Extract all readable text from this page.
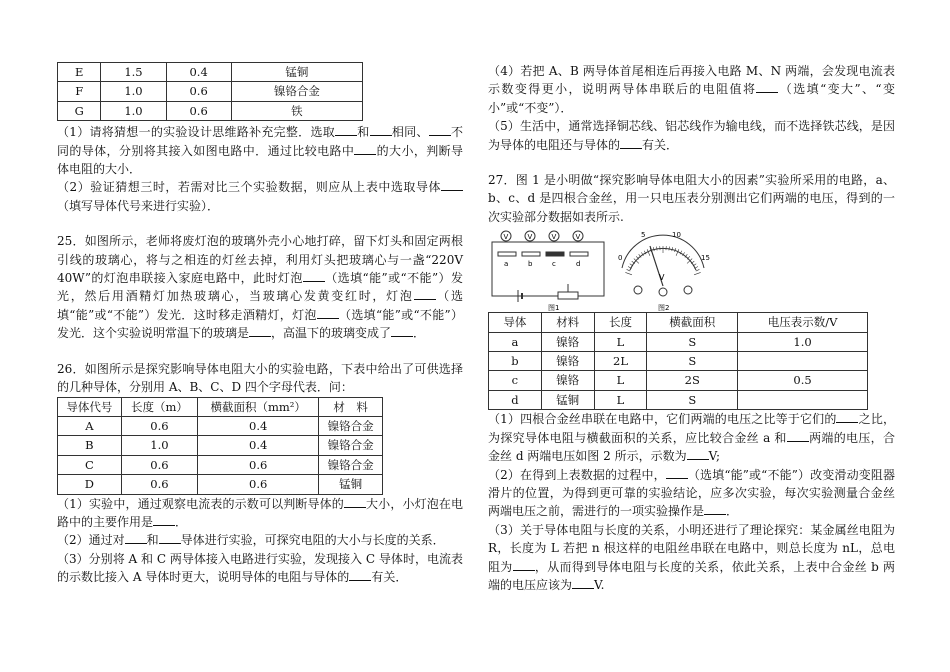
E	1.5	0.4	锰铜
F	1.0	0.6	镍铬合金
G	1.0	0.6	铁

（1）请将猜想一的实验设计思维路补充完整．选取 和 相同、 不同的导体，分别将其接入如图电路中．通过比较电路中 的大小，判断导体电阻的大小．

（2）验证猜想三时，若需对比三个实验数据，则应从上表中选取导体（填写导体代号来进行实验）．

25．如图所示，老师将废灯泡的玻璃外壳小心地打碎，留下灯头和固定两根引线的玻璃心，将与之相连的灯丝去掉，利用灯头把玻璃心与一盏“220V 40W”的灯泡串联接入家庭电路中，此时灯泡 （选填“能”或“不能”）发光，然后用酒精灯加热玻璃心，当玻璃心发黄变红时，灯泡 （选填“能”或“不能”）发光．这时移走酒精灯，灯泡 （选填“能”或“不能”）发光．这个实验说明常温下的玻璃是 ，高温下的玻璃变成了 ．

26．如图所示是探究影响导体电阻大小的实验电路，下表中给出了可供选择的几种导体，分别用 A、B、C、D 四个字母代表．问：

导体代号	长度（m）	横截面积（mm²）	材　料
A	0.6	0.4	镍铬合金
B	1.0	0.4	镍铬合金
C	0.6	0.6	镍铬合金
D	0.6	0.6	锰铜

（1）实验中，通过观察电流表的示数可以判断导体的 大小，小灯泡在电路中的主要作用是 ．

（2）通过对 和 导体进行实验，可探究电阻的大小与长度的关系．

（3）分别将 A 和 C 两导体接入电路进行实验，发现接入 C 导体时，电流表的示数比接入 A 导体时更大，说明导体的电阻与导体的 有关．

（4）若把 A、B 两导体首尾相连后再接入电路 M、N 两端，会发现电流表示数变得更小，说明两导体串联后的电阻值将 （选填“变大”、“变小”或“不变”）．

（5）生活中，通常选择铜芯线、铝芯线作为输电线，而不选择铁芯线，是因为导体的电阻还与导体的 有关．

27．图 1 是小明做“探究影响导体电阻大小的因素”实验所采用的电路，a、b、c、d 是四根合金丝，用一只电压表分别测出它们两端的电压，得到的一次实验部分数据如表所示.

V	V	V	V
a	b	c	d
图1
0
5	10
15
V
图2
导体	材料	长度	横截面积	电压表示数/V
a	镍铬	L	S	1.0
b	镍铬	2L	S	
c	镍铬	L	2S	0.5
d	锰铜	L	S	

（1）四根合金丝串联在电路中，它们两端的电压之比等于它们的 之比，为探究导体电阻与横截面积的关系，应比较合金丝 a 和 两端的电压，合金丝 d 两端电压如图 2 所示，示数为 V;

（2）在得到上表数据的过程中， （选填“能”或“不能”）改变滑动变阻器滑片的位置，为得到更可靠的实验结论，应多次实验，每次实验测量合金丝两端电压之前，需进行的一项实验操作是 ．

（3）关于导体电阻与长度的关系，小明还进行了理论探究：某金属丝电阻为 R，长度为 L 若把 n 根这样的电阻丝串联在电路中，则总长度为 nL，总电阻为 ，从而得到导体电阻与长度的关系，依此关系，上表中合金丝 b 两端的电压应该为 V.
